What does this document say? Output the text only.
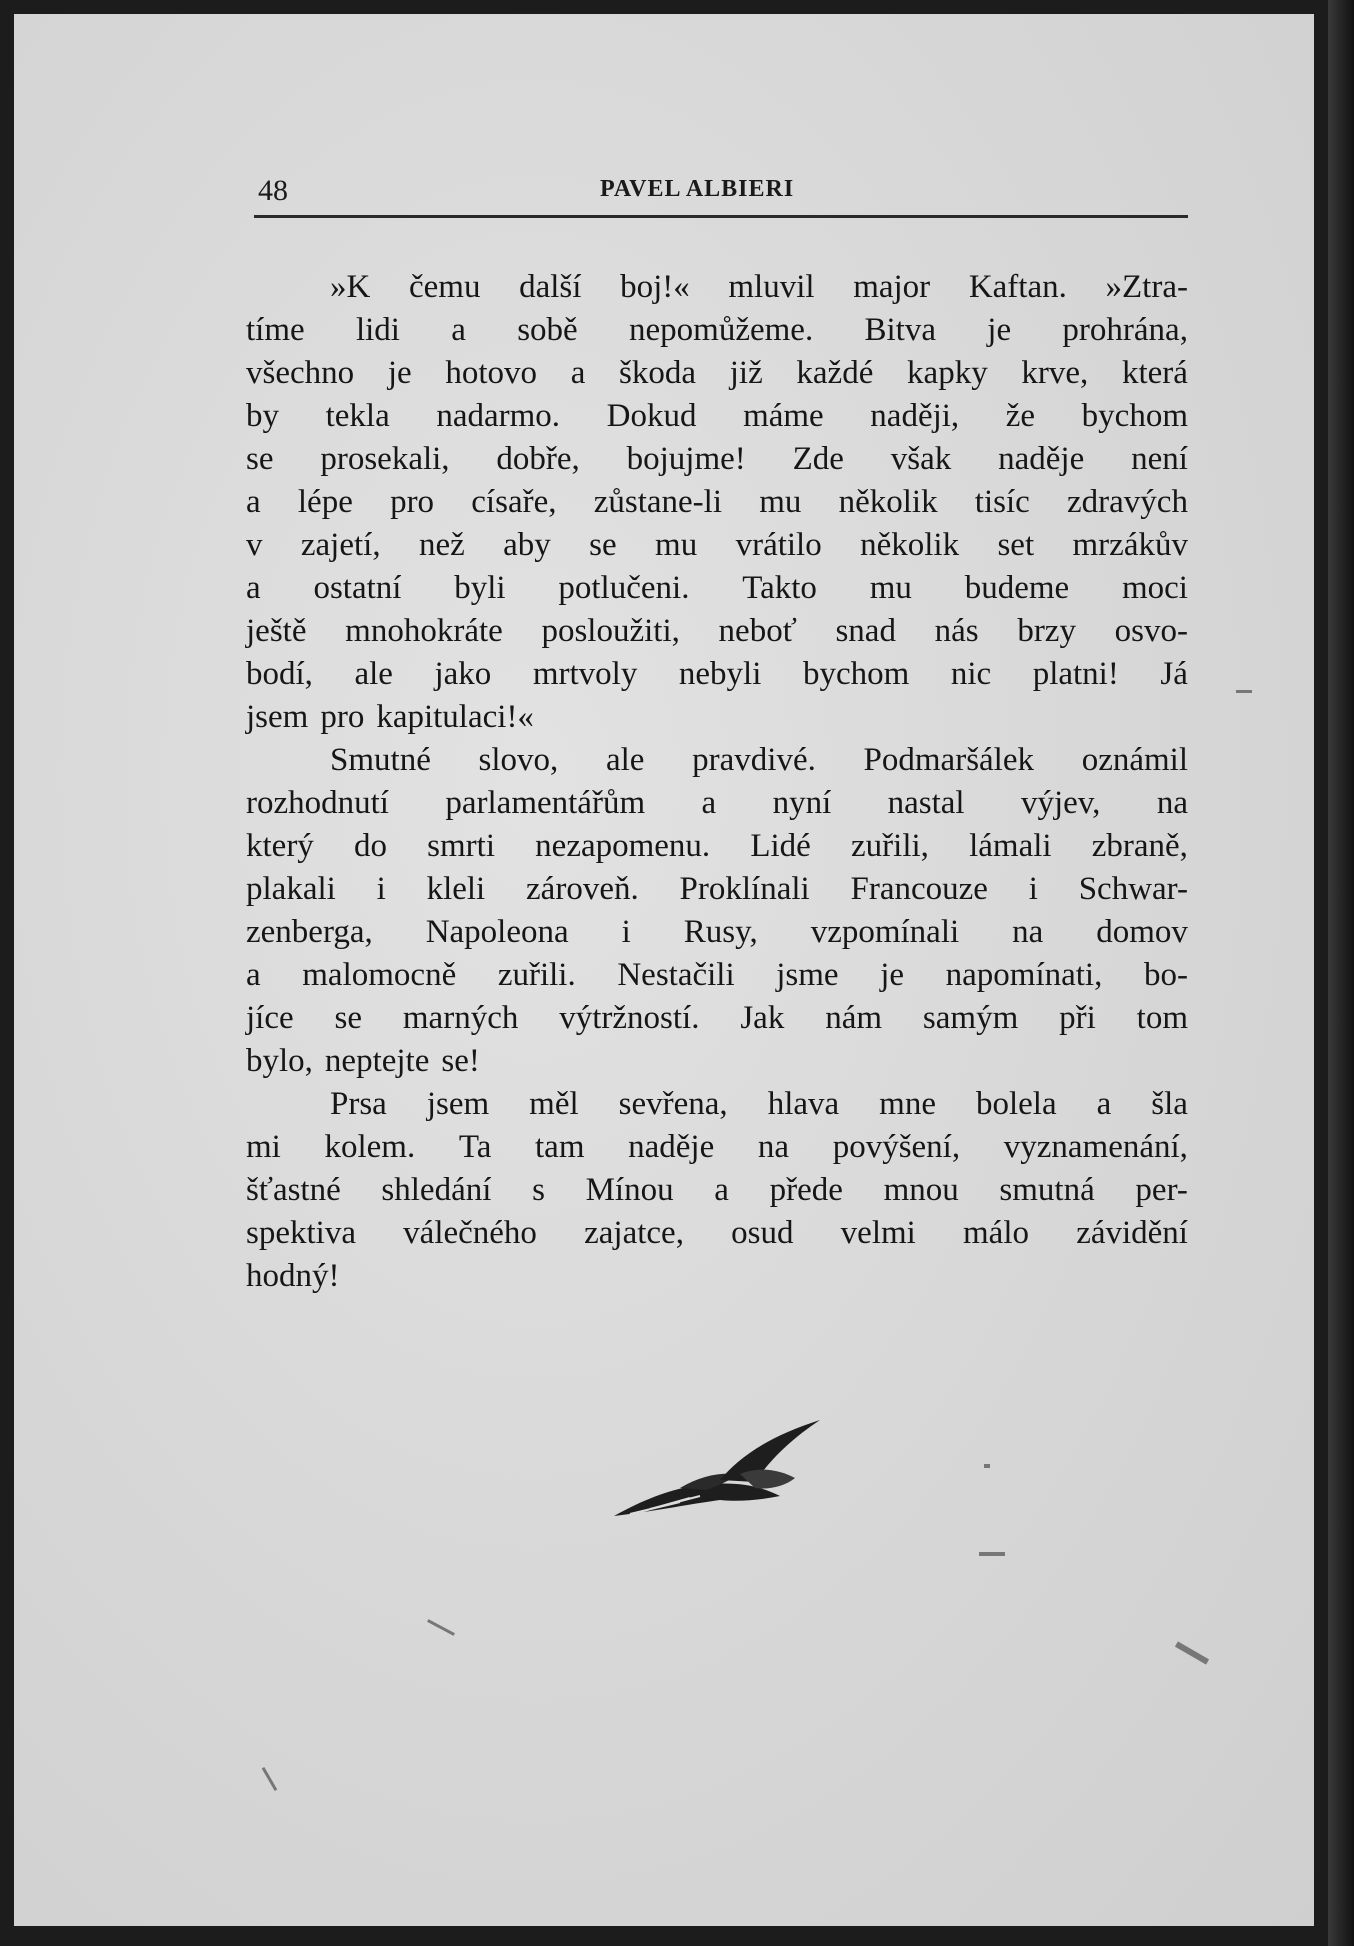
48	PAVEL ALBIERI
»K čemu další boj!« mluvil major Kaftan. »Ztra-
tíme lidi a sobě nepomůžeme. Bitva je prohrána,
všechno je hotovo a škoda již každé kapky krve, která
by tekla nadarmo. Dokud máme naději, že bychom
se prosekali, dobře, bojujme! Zde však naděje není
a lépe pro císaře, zůstane-li mu několik tisíc zdravých
v zajetí, než aby se mu vrátilo několik set mrzákův
a ostatní byli potlučeni. Takto mu budeme moci
ještě mnohokráte posloužiti, neboť snad nás brzy osvo-
bodí, ale jako mrtvoly nebyli bychom nic platni! Já
jsem pro kapitulaci!«
Smutné slovo, ale pravdivé. Podmaršálek oznámil
rozhodnutí parlamentářům a nyní nastal výjev, na
který do smrti nezapomenu. Lidé zuřili, lámali zbraně,
plakali i kleli zároveň. Proklínali Francouze i Schwar-
zenberga, Napoleona i Rusy, vzpomínali na domov
a malomocně zuřili. Nestačili jsme je napomínati, bo-
jíce se marných výtržností. Jak nám samým při tom
bylo, neptejte se!
Prsa jsem měl sevřena, hlava mne bolela a šla
mi kolem. Ta tam naděje na povýšení, vyznamenání,
šťastné shledání s Mínou a přede mnou smutná per-
spektiva válečného zajatce, osud velmi málo závidění
hodný!
